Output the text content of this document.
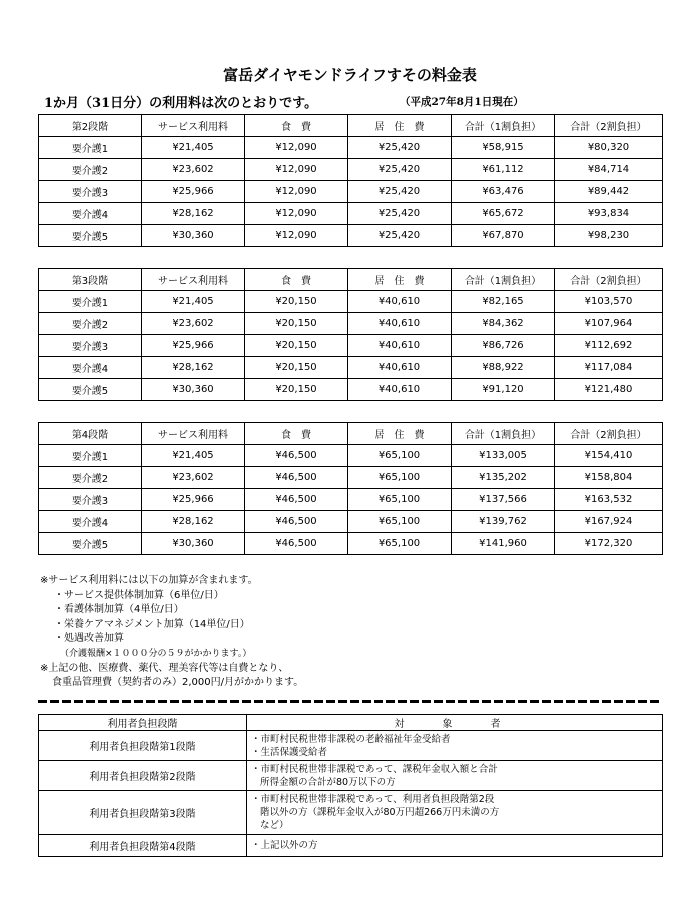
富岳ダイヤモンドライフすその料金表
1か月（31日分）の利用料は次のとおりです。	（平成27年8月1日現在）
第2段階	サービス利用料	食　費	居　住　費	合計（1割負担）	合計（2割負担）
要介護1	¥21,405	¥12,090	¥25,420	¥58,915	¥80,320
要介護2	¥23,602	¥12,090	¥25,420	¥61,112	¥84,714
要介護3	¥25,966	¥12,090	¥25,420	¥63,476	¥89,442
要介護4	¥28,162	¥12,090	¥25,420	¥65,672	¥93,834
要介護5	¥30,360	¥12,090	¥25,420	¥67,870	¥98,230
第3段階	サービス利用料	食　費	居　住　費	合計（1割負担）	合計（2割負担）
要介護1	¥21,405	¥20,150	¥40,610	¥82,165	¥103,570
要介護2	¥23,602	¥20,150	¥40,610	¥84,362	¥107,964
要介護3	¥25,966	¥20,150	¥40,610	¥86,726	¥112,692
要介護4	¥28,162	¥20,150	¥40,610	¥88,922	¥117,084
要介護5	¥30,360	¥20,150	¥40,610	¥91,120	¥121,480
第4段階	サービス利用料	食　費	居　住　費	合計（1割負担）	合計（2割負担）
要介護1	¥21,405	¥46,500	¥65,100	¥133,005	¥154,410
要介護2	¥23,602	¥46,500	¥65,100	¥135,202	¥158,804
要介護3	¥25,966	¥46,500	¥65,100	¥137,566	¥163,532
要介護4	¥28,162	¥46,500	¥65,100	¥139,762	¥167,924
要介護5	¥30,360	¥46,500	¥65,100	¥141,960	¥172,320
※サービス利用料には以下の加算が含まれます。
・サービス提供体制加算（6単位/日）
・看護体制加算（4単位/日）
・栄養ケアマネジメント加算（14単位/日）
・処遇改善加算
（介護報酬×１０００分の５９がかかります。）
※上記の他、医療費、薬代、理美容代等は自費となり、
食重品管理費（契約者のみ）2,000円/月がかかります。
利用者負担段階	対　象　者
利用者負担段階第1段階	・市町村民税世帯非課税の老齢福祉年金受給者
・生活保護受給者

利用者負担段階第2段階	・市町村民税世帯非課税であって、課税年金収入額と合計
所得金額の合計が80万以下の方

利用者負担段階第3段階	・市町村民税世帯非課税であって、利用者負担段階第2段
階以外の方（課税年金収入が80万円超266万円未満の方
など）

利用者負担段階第4段階	・上記以外の方
